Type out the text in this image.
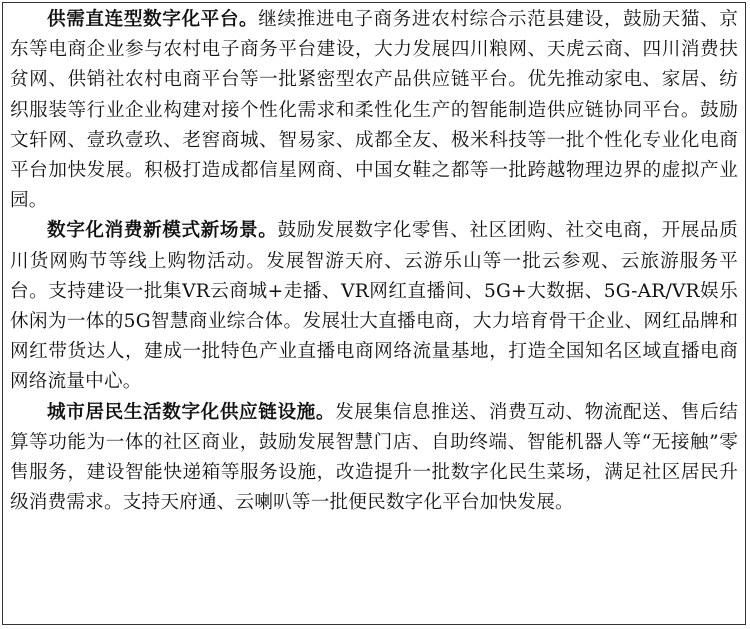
供需直连型数字化平台。继续推进电子商务进农村综合示范县建设，鼓励天猫、京东等电商企业参与农村电子商务平台建设，大力发展四川粮网、天虎云商、四川消费扶贫网、供销社农村电商平台等一批紧密型农产品供应链平台。优先推动家电、家居、纺织服装等行业企业构建对接个性化需求和柔性化生产的智能制造供应链协同平台。鼓励文轩网、壹玖壹玖、老窖商城、智易家、成都全友、极米科技等一批个性化专业化电商平台加快发展。积极打造成都信星网商、中国女鞋之都等一批跨越物理边界的虚拟产业园。

数字化消费新模式新场景。鼓励发展数字化零售、社区团购、社交电商，开展品质川货网购节等线上购物活动。发展智游天府、云游乐山等一批云参观、云旅游服务平台。支持建设一批集VR云商城+走播、VR网红直播间、5G+大数据、5G-AR/VR娱乐休闲为一体的5G智慧商业综合体。发展壮大直播电商，大力培育骨干企业、网红品牌和网红带货达人，建成一批特色产业直播电商网络流量基地，打造全国知名区域直播电商网络流量中心。

城市居民生活数字化供应链设施。发展集信息推送、消费互动、物流配送、售后结算等功能为一体的社区商业，鼓励发展智慧门店、自助终端、智能机器人等“无接触”零售服务，建设智能快递箱等服务设施，改造提升一批数字化民生菜场，满足社区居民升级消费需求。支持天府通、云喇叭等一批便民数字化平台加快发展。
